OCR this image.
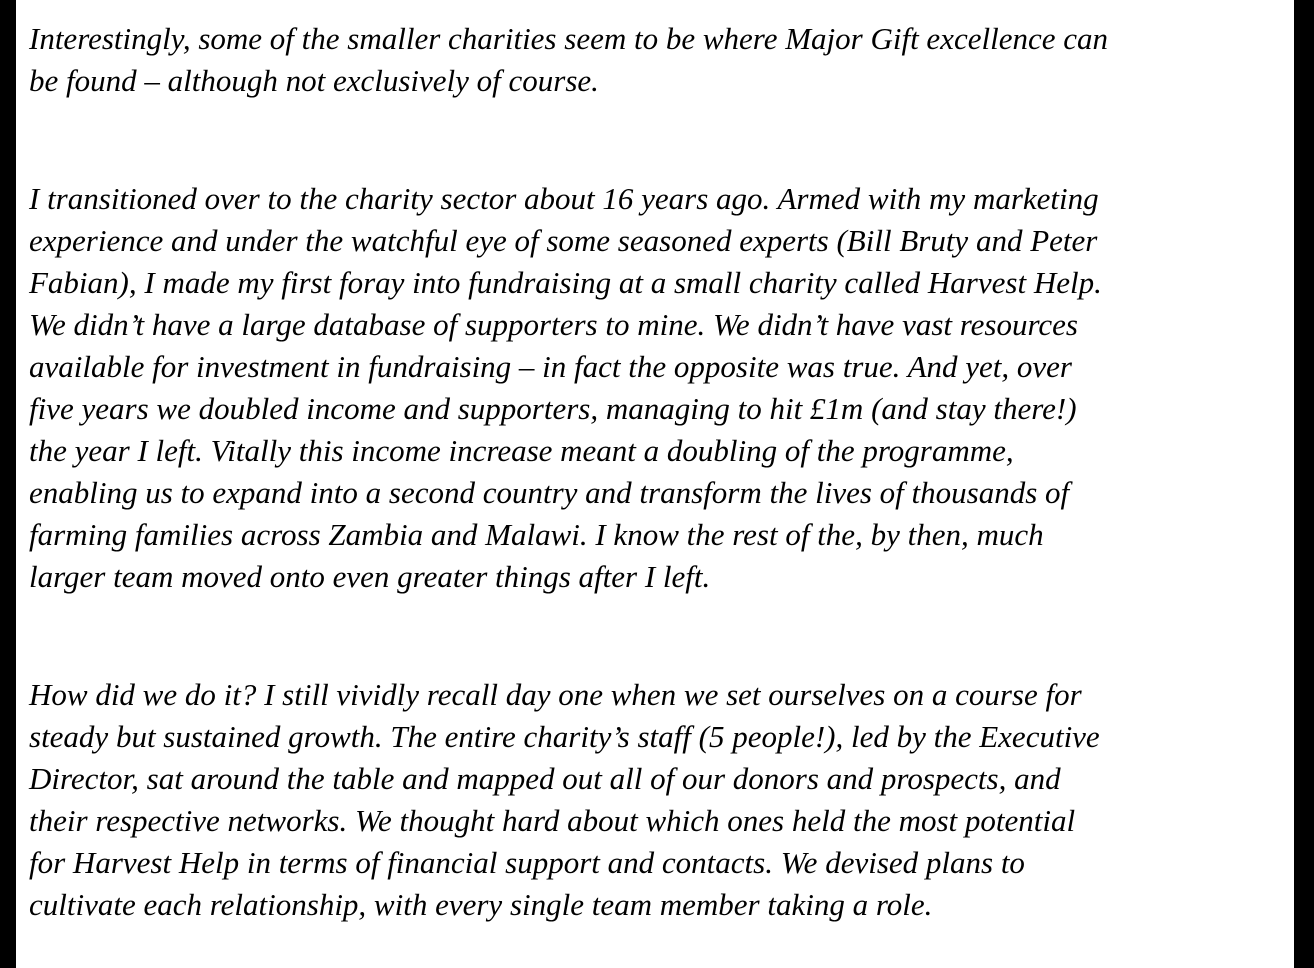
Interestingly, some of the smaller charities seem to be where Major Gift excellence can
be found – although not exclusively of course.

I transitioned over to the charity sector about 16 years ago. Armed with my marketing
experience and under the watchful eye of some seasoned experts (Bill Bruty and Peter
Fabian), I made my first foray into fundraising at a small charity called Harvest Help.
We didn’t have a large database of supporters to mine. We didn’t have vast resources
available for investment in fundraising – in fact the opposite was true. And yet, over
five years we doubled income and supporters, managing to hit £1m (and stay there!)
the year I left. Vitally this income increase meant a doubling of the programme,
enabling us to expand into a second country and transform the lives of thousands of
farming families across Zambia and Malawi. I know the rest of the, by then, much
larger team moved onto even greater things after I left.

How did we do it? I still vividly recall day one when we set ourselves on a course for
steady but sustained growth. The entire charity’s staff (5 people!), led by the Executive
Director, sat around the table and mapped out all of our donors and prospects, and
their respective networks. We thought hard about which ones held the most potential
for Harvest Help in terms of financial support and contacts. We devised plans to
cultivate each relationship, with every single team member taking a role.
